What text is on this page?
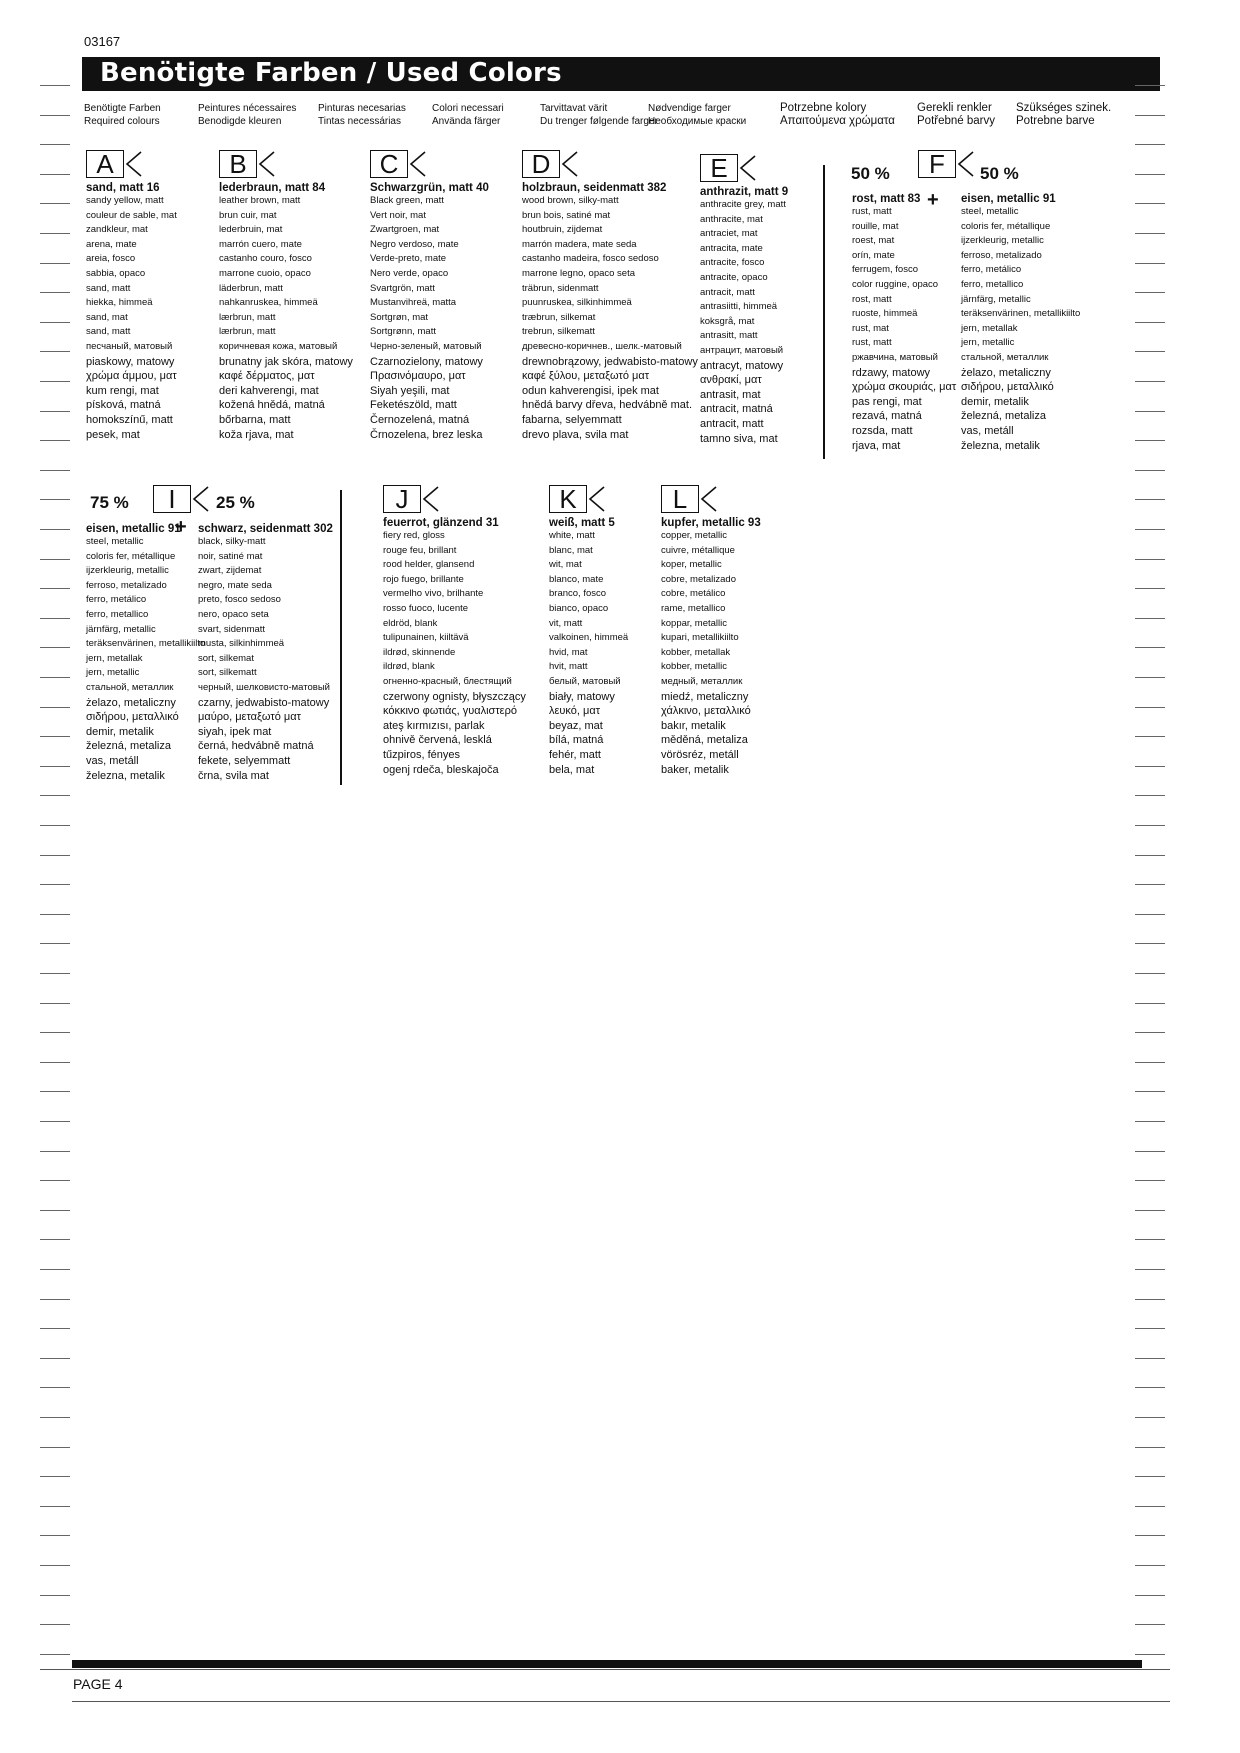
03167
Benötigte Farben / Used Colors
Benötigte Farben
Required colours
Peintures nécessaires
Benodigde kleuren
Pinturas necesarias
Tintas necessárias
Colori necessari
Använda färger
Tarvittavat värit
Du trenger følgende farger
Nødvendige farger
Необходимые краски
Potrzebne kolory
Απαιτούμενα χρώματα
Gerekli renkler
Potřebné barvy
Szükséges szinek.
Potrebne barve
A
sand, matt 16
sandy yellow, matt
couleur de sable, mat
zandkleur, mat
arena, mate
areia, fosco
sabbia, opaco
sand, matt
hiekka, himmeä
sand, mat
sand, matt
песчаный, матовый
piaskowy, matowy
χρώμα άμμου, ματ
kum rengi, mat
písková, matná
homokszínű, matt
pesek, mat
B
lederbraun, matt 84
leather brown, matt
brun cuir, mat
lederbruin, mat
marrón cuero, mate
castanho couro, fosco
marrone cuoio, opaco
läderbrun, matt
nahkanruskea, himmeä
lærbrun, matt
lærbrun, matt
коричневая кожа, матовый
brunatny jak skóra, matowy
καφέ δέρματος, ματ
deri kahverengi, mat
kožená hnědá, matná
bőrbarna, matt
koža rjava, mat
C
Schwarzgrün, matt 40
Black green, matt
Vert noir, mat
Zwartgroen, mat
Negro verdoso, mate
Verde-preto, mate
Nero verde, opaco
Svartgrön, matt
Mustanvihreä, matta
Sortgrøn, mat
Sortgrønn, matt
Черно-зеленый, матовый
Czarnozielony, matowy
Πρασινόμαυρο, ματ
Siyah yeşili, mat
Feketészöld, matt
Černozelená, matná
Črnozelena, brez leska
D
holzbraun, seidenmatt 382
wood brown, silky-matt
brun bois, satiné mat
houtbruin, zijdemat
marrón madera, mate seda
castanho madeira, fosco sedoso
marrone legno, opaco seta
träbrun, sidenmatt
puunruskea, silkinhimmeä
træbrun, silkemat
trebrun, silkematt
древесно-коричнев., шелк.-матовый
drewnobrązowy, jedwabisto-matowy
καφέ ξύλου, μεταξωτό ματ
odun kahverengisi, ipek mat
hnědá barvy dřeva, hedvábně mat.
fabarna, selyemmatt
drevo plava, svila mat
E
anthrazit, matt 9
anthracite grey, matt
anthracite, mat
antraciet, mat
antracita, mate
antracite, fosco
antracite, opaco
antracit, matt
antrasiitti, himmeä
koksgrå, mat
antrasitt, matt
антрацит, матовый
antracyt, matowy
ανθρακί, ματ
antrasit, mat
antracit, matná
antracit, matt
tamno siva, mat
50 %	F	50 %
+
rost, matt 83
rust, matt
rouille, mat
roest, mat
orín, mate
ferrugem, fosco
color ruggine, opaco
rost, matt
ruoste, himmeä
rust, mat
rust, matt
ржавчина, матовый
rdzawy, matowy
χρώμα σκουριάς, ματ
pas rengi, mat
rezavá, matná
rozsda, matt
rjava, mat
eisen, metallic 91
steel, metallic
coloris fer, métallique
ijzerkleurig, metallic
ferroso, metalizado
ferro, metálico
ferro, metallico
järnfärg, metallic
teräksenvärinen, metallikiilto
jern, metallak
jern, metallic
стальной, металлик
żelazo, metaliczny
σιδήρου, μεταλλικό
demir, metalik
železná, metaliza
vas, metáll
železna, metalik
75 %	I	25 %
+
eisen, metallic 91
steel, metallic
coloris fer, métallique
ijzerkleurig, metallic
ferroso, metalizado
ferro, metálico
ferro, metallico
järnfärg, metallic
teräksenvärinen, metallikiilto
jern, metallak
jern, metallic
стальной, металлик
żelazo, metaliczny
σιδήρου, μεταλλικό
demir, metalik
železná, metaliza
vas, metáll
železna, metalik
schwarz, seidenmatt 302
black, silky-matt
noir, satiné mat
zwart, zijdemat
negro, mate seda
preto, fosco sedoso
nero, opaco seta
svart, sidenmatt
musta, silkinhimmeä
sort, silkemat
sort, silkematt
черный, шелковисто-матовый
czarny, jedwabisto-matowy
μαύρο, μεταξωτό ματ
siyah, ipek mat
černá, hedvábně matná
fekete, selyemmatt
črna, svila mat
J
feuerrot, glänzend 31
fiery red, gloss
rouge feu, brillant
rood helder, glansend
rojo fuego, brillante
vermelho vivo, brilhante
rosso fuoco, lucente
eldröd, blank
tulipunainen, kiiltävä
ildrød, skinnende
ildrød, blank
огненно-красный, блестящий
czerwony ognisty, błyszczący
κόκκινο φωτιάς, γυαλιστερό
ateş kırmızısı, parlak
ohnivě červená, lesklá
tűzpiros, fényes
ogenj rdeča, bleskajoča
K
weiß, matt 5
white, matt
blanc, mat
wit, mat
blanco, mate
branco, fosco
bianco, opaco
vit, matt
valkoinen, himmeä
hvid, mat
hvit, matt
белый, матовый
biały, matowy
λευκό, ματ
beyaz, mat
bílá, matná
fehér, matt
bela, mat
L
kupfer, metallic 93
copper, metallic
cuivre, métallique
koper, metallic
cobre, metalizado
cobre, metálico
rame, metallico
koppar, metallic
kupari, metallikiilto
kobber, metallak
kobber, metallic
медный, металлик
miedź, metaliczny
χάλκινο, μεταλλικό
bakır, metalik
měděná, metaliza
vörösréz, metáll
baker, metalik
PAGE 4
